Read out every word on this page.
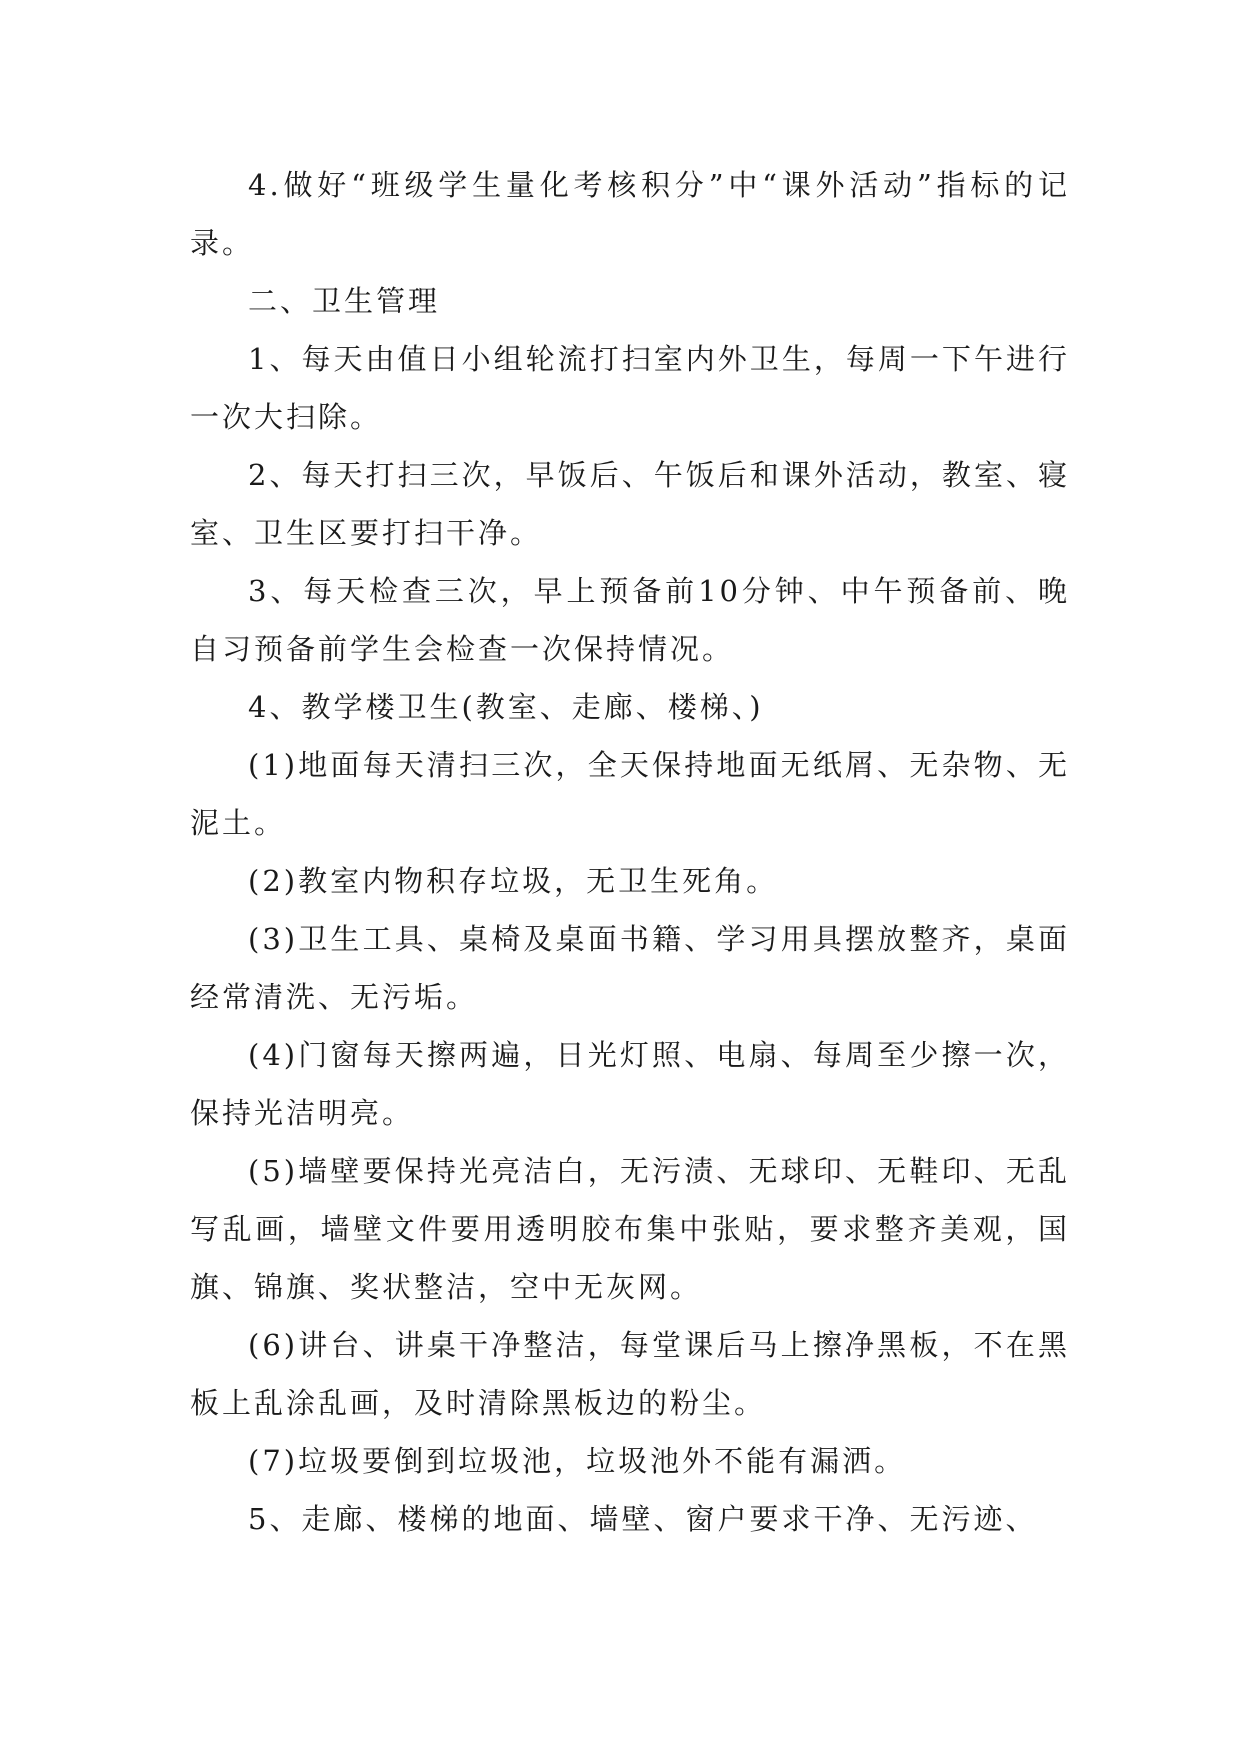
4.做好“班级学生量化考核积分”中“课外活动”指标的记录。

二、卫生管理

1、每天由值日小组轮流打扫室内外卫生，每周一下午进行一次大扫除。

2、每天打扫三次，早饭后、午饭后和课外活动，教室、寝室、卫生区要打扫干净。

3、每天检查三次，早上预备前10分钟、中午预备前、晚自习预备前学生会检查一次保持情况。

4、教学楼卫生(教室、走廊、楼梯、)

(1)地面每天清扫三次，全天保持地面无纸屑、无杂物、无泥土。

(2)教室内物积存垃圾，无卫生死角。

(3)卫生工具、桌椅及桌面书籍、学习用具摆放整齐，桌面经常清洗、无污垢。

(4)门窗每天擦两遍，日光灯照、电扇、每周至少擦一次，保持光洁明亮。

(5)墙壁要保持光亮洁白，无污渍、无球印、无鞋印、无乱写乱画，墙壁文件要用透明胶布集中张贴，要求整齐美观，国旗、锦旗、奖状整洁，空中无灰网。

(6)讲台、讲桌干净整洁，每堂课后马上擦净黑板，不在黑板上乱涂乱画，及时清除黑板边的粉尘。

(7)垃圾要倒到垃圾池，垃圾池外不能有漏洒。

5、走廊、楼梯的地面、墙壁、窗户要求干净、无污迹、
